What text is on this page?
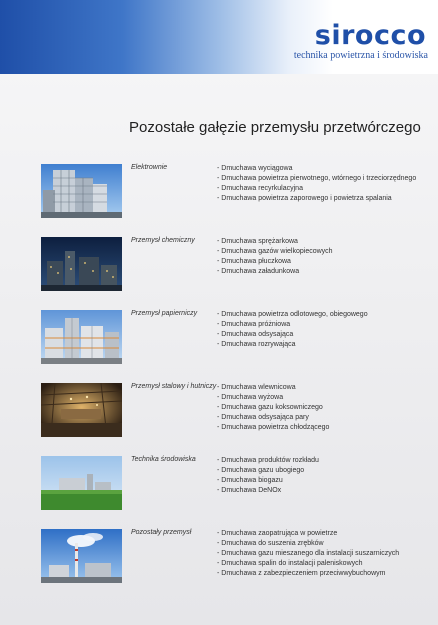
sirocco
technika powietrzna i środowiska
Pozostałe gałęzie przemysłu przetwórczego
Elektrownie	- Dmuchawa wyciągowa
- Dmuchawa powietrza pierwotnego, wtórnego i trzeciorzędnego
- Dmuchawa recyrkulacyjna
- Dmuchawa powietrza zaporowego i powietrza spalania
Przemysł chemiczny	- Dmuchawa sprężarkowa
- Dmuchawa gazów wielkopiecowych
- Dmuchawa płuczkowa
- Dmuchawa załadunkowa
Przemysł papierniczy	- Dmuchawa powietrza odlotowego, obiegowego
- Dmuchawa próżniowa
- Dmuchawa odsysająca
- Dmuchawa rozrywająca
Przemysł stalowy i hutniczy - Dmuchawa wlewnicowa
- Dmuchawa wyżowa
- Dmuchawa gazu koksowniczego
- Dmuchawa odsysająca pary
- Dmuchawa powietrza chłodzącego
Technika środowiska	- Dmuchawa produktów rozkładu
- Dmuchawa gazu ubogiego
- Dmuchawa biogazu
- Dmuchawa DeNOx
Pozostały przemysł	- Dmuchawa zaopatrująca w powietrze
- Dmuchawa do suszenia zrębków
- Dmuchawa gazu mieszanego dla instalacji suszarniczych
- Dmuchawa spalin do instalacji paleniskowych
- Dmuchawa z zabezpieczeniem przeciwwybuchowym
